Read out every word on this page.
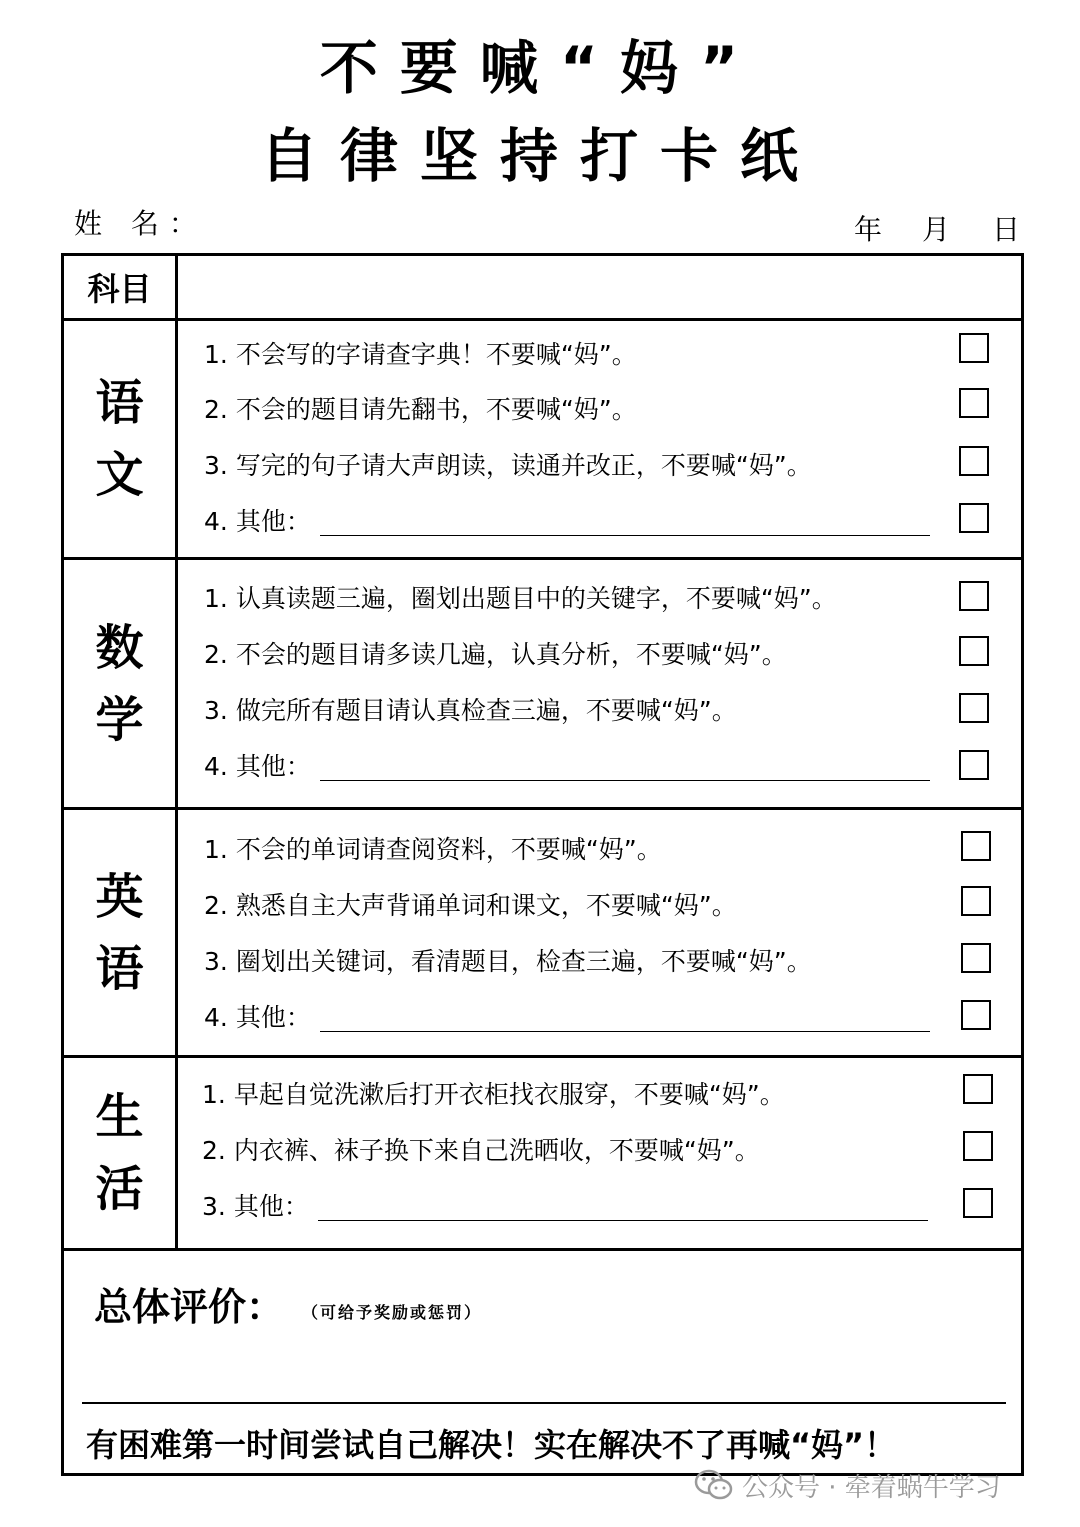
不要喊“妈”
自律坚持打卡纸
姓 名：	年 月 日
科目
语
文
1. 不会写的字请查字典！不要喊“妈”。
2. 不会的题目请先翻书，不要喊“妈”。
3. 写完的句子请大声朗读，读通并改正，不要喊“妈”。
4. 其他：
数
学
1. 认真读题三遍，圈划出题目中的关键字，不要喊“妈”。
2. 不会的题目请多读几遍，认真分析，不要喊“妈”。
3. 做完所有题目请认真检查三遍，不要喊“妈”。
4. 其他：
英
语
1. 不会的单词请查阅资料，不要喊“妈”。
2. 熟悉自主大声背诵单词和课文，不要喊“妈”。
3. 圈划出关键词，看清题目，检查三遍，不要喊“妈”。
4. 其他：
生
活
1. 早起自觉洗漱后打开衣柜找衣服穿，不要喊“妈”。
2. 内衣裤、袜子换下来自己洗晒收，不要喊“妈”。
3. 其他：
总体评价： （可给予奖励或惩罚）
有困难第一时间尝试自己解决！实在解决不了再喊“妈”！
公众号 · 牵着蜗牛学习
